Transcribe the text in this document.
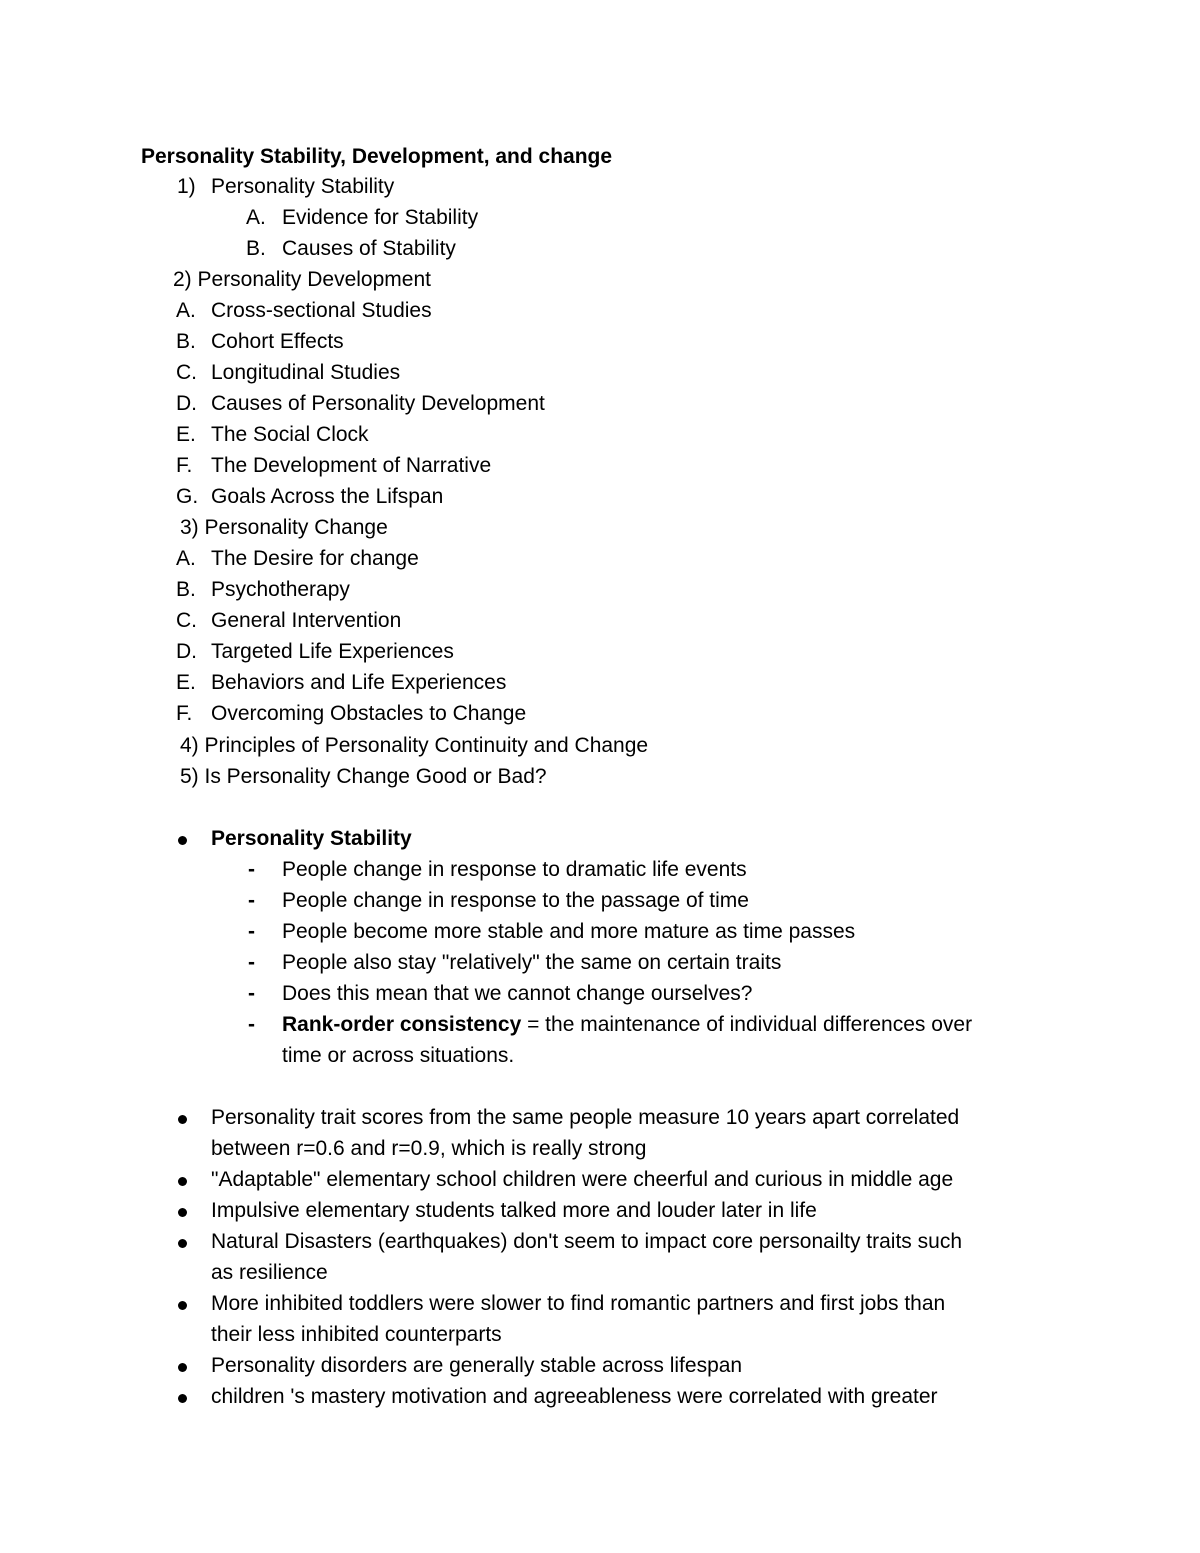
Personality Stability, Development, and change
1) Personality Stability
A. Evidence for Stability
B. Causes of Stability
2) Personality Development
A. Cross-sectional Studies
B. Cohort Effects
C. Longitudinal Studies
D. Causes of Personality Development
E. The Social Clock
F. The Development of Narrative
G. Goals Across the Lifspan
3) Personality Change
A. The Desire for change
B. Psychotherapy
C. General Intervention
D. Targeted Life Experiences
E. Behaviors and Life Experiences
F. Overcoming Obstacles to Change
4) Principles of Personality Continuity and Change
5) Is Personality Change Good or Bad?
Personality Stability
- People change in response to dramatic life events
- People change in response to the passage of time
- People become more stable and more mature as time passes
- People also stay "relatively" the same on certain traits
- Does this mean that we cannot change ourselves?
- Rank-order consistency = the maintenance of individual differences over
time or across situations.
Personality trait scores from the same people measure 10 years apart correlated
between r=0.6 and r=0.9, which is really strong
"Adaptable" elementary school children were cheerful and curious in middle age
Impulsive elementary students talked more and louder later in life
Natural Disasters (earthquakes) don't seem to impact core personailty traits such
as resilience
More inhibited toddlers were slower to find romantic partners and first jobs than
their less inhibited counterparts
Personality disorders are generally stable across lifespan
children 's mastery motivation and agreeableness were correlated with greater
